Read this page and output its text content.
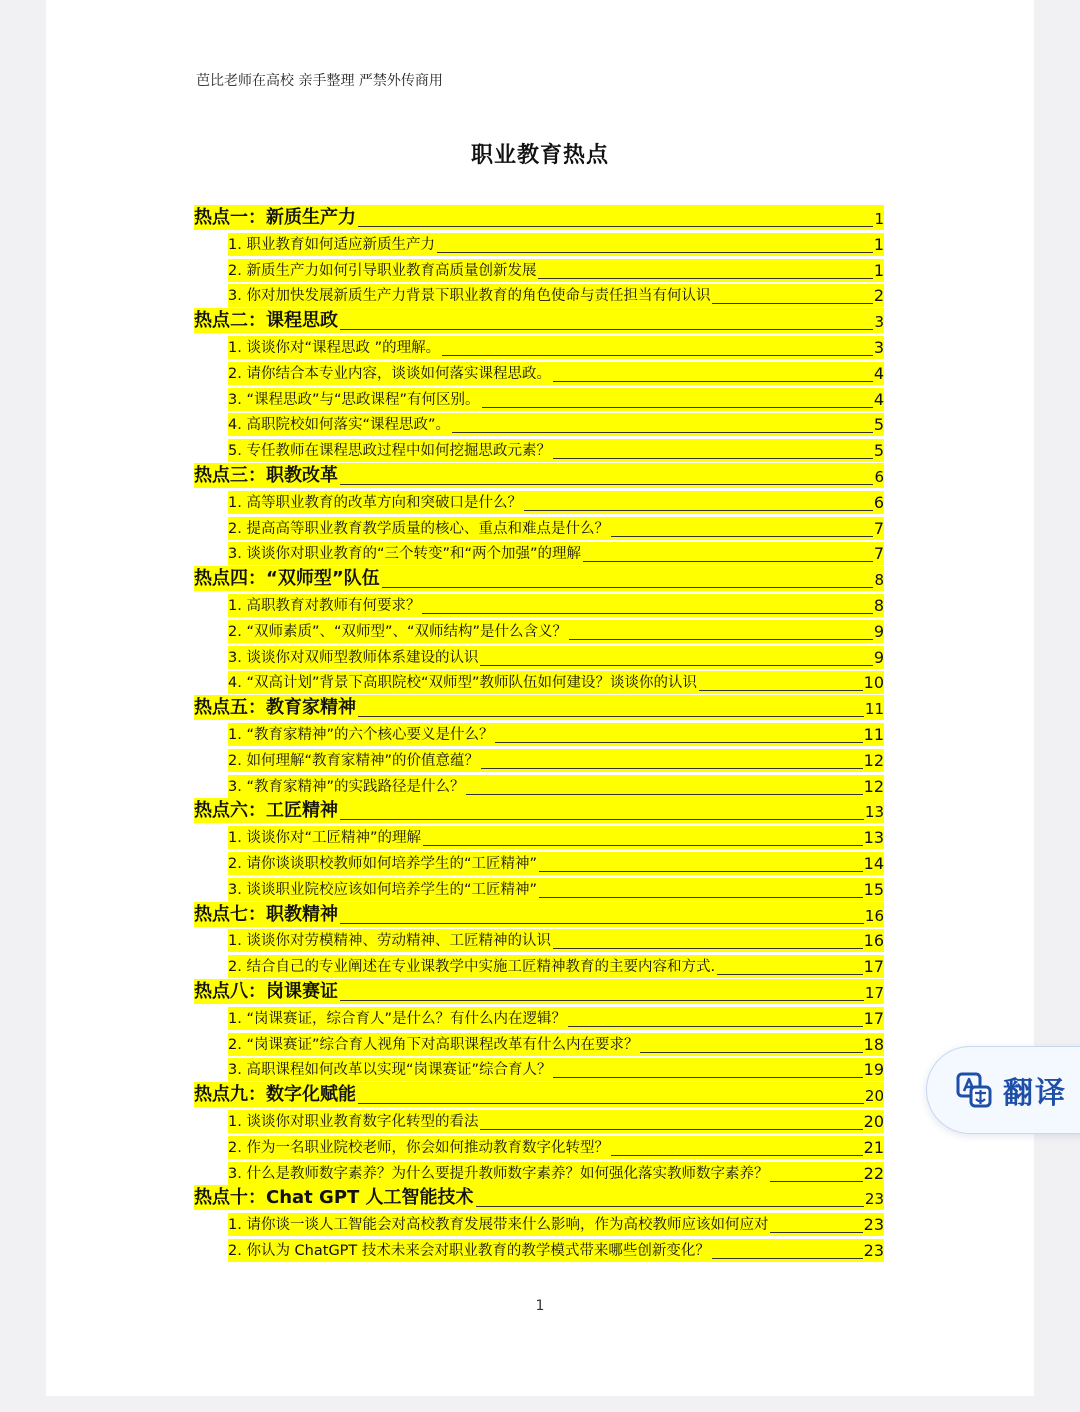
芭比老师在高校 亲手整理 严禁外传商用
职业教育热点
热点一：新质生产力	1
1. 职业教育如何适应新质生产力	1
2. 新质生产力如何引导职业教育高质量创新发展	1
3. 你对加快发展新质生产力背景下职业教育的角色使命与责任担当有何认识	2
热点二：课程思政	3
1. 谈谈你对“课程思政 ”的理解。	3
2. 请你结合本专业内容，谈谈如何落实课程思政。	4
3. “课程思政”与“思政课程”有何区别。	4
4. 高职院校如何落实“课程思政”。	5
5. 专任教师在课程思政过程中如何挖掘思政元素？	5
热点三：职教改革	6
1. 高等职业教育的改革方向和突破口是什么？	6
2. 提高高等职业教育教学质量的核心、重点和难点是什么？	7
3. 谈谈你对职业教育的“三个转变”和“两个加强”的理解	7
热点四：“双师型”队伍	8
1. 高职教育对教师有何要求？	8
2. “双师素质”、“双师型”、“双师结构”是什么含义？	9
3. 谈谈你对双师型教师体系建设的认识	9
4. “双高计划”背景下高职院校“双师型”教师队伍如何建设？谈谈你的认识	10
热点五：教育家精神	11
1. “教育家精神”的六个核心要义是什么？	11
2. 如何理解“教育家精神”的价值意蕴？	12
3. “教育家精神”的实践路径是什么？	12
热点六：工匠精神	13
1. 谈谈你对“工匠精神”的理解	13
2. 请你谈谈职校教师如何培养学生的“工匠精神”	14
3. 谈谈职业院校应该如何培养学生的“工匠精神”	15
热点七：职教精神	16
1. 谈谈你对劳模精神、劳动精神、工匠精神的认识	16
2. 结合自己的专业阐述在专业课教学中实施工匠精神教育的主要内容和方式.	17
热点八：岗课赛证	17
1. “岗课赛证，综合育人”是什么？有什么内在逻辑？	17
2. “岗课赛证”综合育人视角下对高职课程改革有什么内在要求？	18
3. 高职课程如何改革以实现“岗课赛证”综合育人？	19
热点九：数字化赋能	20
1. 谈谈你对职业教育数字化转型的看法	20
2. 作为一名职业院校老师，你会如何推动教育数字化转型？	21
3. 什么是教师数字素养？为什么要提升教师数字素养？如何强化落实教师数字素养？	22
热点十：Chat GPT 人工智能技术	23
1. 请你谈一谈人工智能会对高校教育发展带来什么影响，作为高校教师应该如何应对	23
2. 你认为 ChatGPT 技术未来会对职业教育的教学模式带来哪些创新变化？	23
1
翻译
